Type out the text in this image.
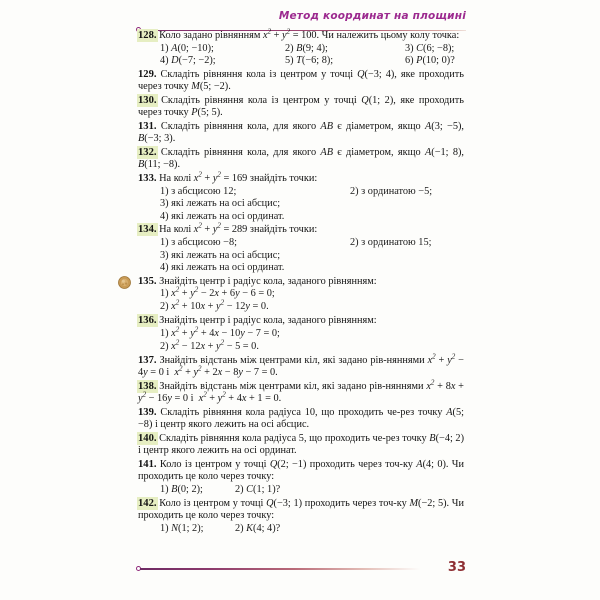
Метод координат на площині
128. Коло задано рівнянням $x^2 + y^2 = 100$. Чи належить цьому колу точка:
1) A(0; −10);	2) B(9; 4);	3) C(6; −8);
4) D(−7; −2);	5) T(−6; 8);	6) P(10; 0)?
129. Складіть рівняння кола із центром у точці Q(−3; 4), яке проходить через точку M(5; −2).
130. Складіть рівняння кола із центром у точці Q(1; 2), яке проходить через точку P(5; 5).
131. Складіть рівняння кола, для якого AB є діаметром, якщо A(3; −5), B(−3; 3).
132. Складіть рівняння кола, для якого AB є діаметром, якщо A(−1; 8), B(11; −8).
133. На колі $x^2 + y^2 = 169$ знайдіть точки:
1) з абсцисою 12;	2) з ординатою −5;
3) які лежать на осі абсцис;
4) які лежать на осі ординат.
134. На колі $x^2 + y^2 = 289$ знайдіть точки:
1) з абсцисою −8;	2) з ординатою 15;
3) які лежать на осі абсцис;
4) які лежать на осі ординат.
135. Знайдіть центр і радіус кола, заданого рівнянням:
1) $x^2 + y^2 - 2x + 6y - 6 = 0$;
2) $x^2 + 10x + y^2 - 12y = 0$.
136. Знайдіть центр і радіус кола, заданого рівнянням:
1) $x^2 + y^2 + 4x - 10y - 7 = 0$;
2) $x^2 - 12x + y^2 - 5 = 0$.
137. Знайдіть відстань між центрами кіл, які задано рів‑няннями $x^2 + y^2 - 4y = 0$ і  $x^2 + y^2 + 2x - 8y - 7 = 0$.
138. Знайдіть відстань між центрами кіл, які задано рів‑няннями $x^2 + 8x + y^2 - 16y = 0$ і  $x^2 + y^2 + 4x + 1 = 0$.
139. Складіть рівняння кола радіуса 10, що проходить че‑рез точку A(5; −8) і центр якого лежить на осі абсцис.
140. Складіть рівняння кола радіуса 5, що проходить че‑рез точку B(−4; 2) і центр якого лежить на осі ординат.
141. Коло із центром у точці Q(2; −1) проходить через точ‑ку A(4; 0). Чи проходить це коло через точку:
1) B(0; 2);	2) C(1; 1)?
142. Коло із центром у точці Q(−3; 1) проходить через точ‑ку M(−2; 5). Чи проходить це коло через точку:
1) N(1; 2);	2) K(4; 4)?
33
